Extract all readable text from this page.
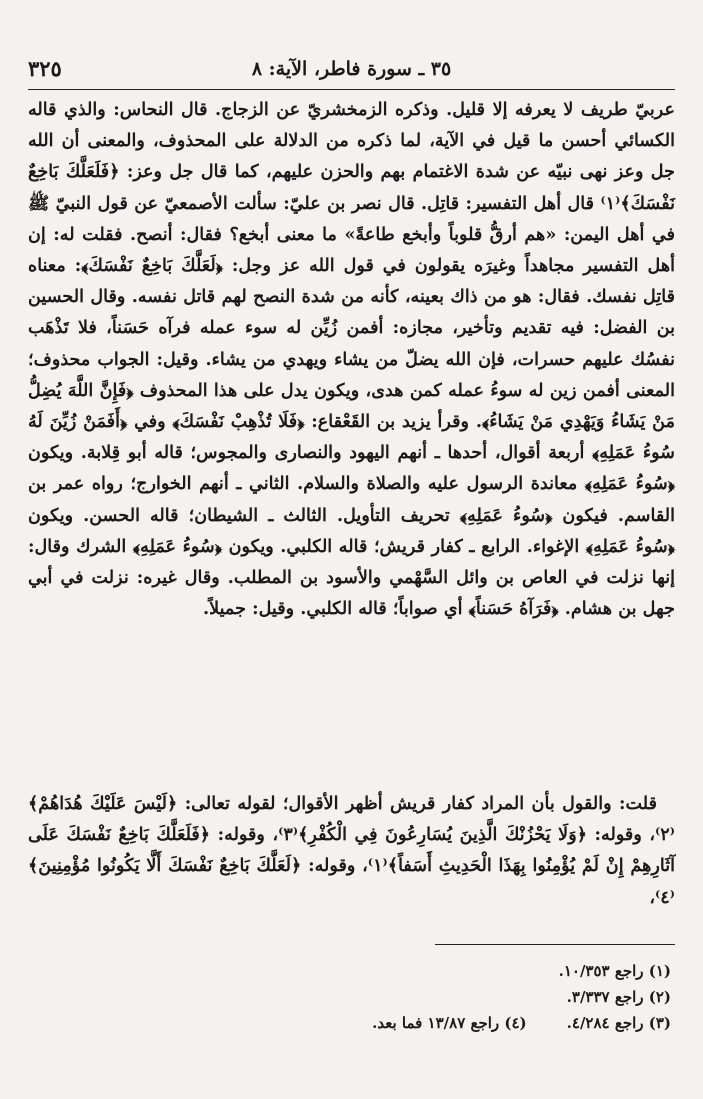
٣٥ ـ سورة فاطر، الآية: ٨
٣٢٥

عربيّ طريف لا يعرفه إلا قليل. وذكره الزمخشريّ عن الزجاج. قال النحاس: والذي قاله الكسائي أحسن ما قيل في الآية، لما ذكره من الدلالة على المحذوف، والمعنى أن الله جل وعز نهى نبيّه عن شدة الاغتمام بهم والحزن عليهم، كما قال جل وعز: ﴿فَلَعَلَّكَ بَاخِعٌ نَفْسَكَ﴾⁽١⁾ قال أهل التفسير: قاتِل. قال نصر بن عليّ: سألت الأصمعيّ عن قول النبيّ ﷺ في أهل اليمن: «هم أرقُّ قلوباً وأبخع طاعةً» ما معنى أبخع؟ فقال: أنصح. فقلت له: إن أهل التفسير مجاهداً وغيرَه يقولون في قول الله عز وجل: ﴿لَعَلَّكَ بَاخِعٌ نَفْسَكَ﴾: معناه قاتِل نفسك. فقال: هو من ذاك بعينه، كأنه من شدة النصح لهم قاتل نفسه. وقال الحسين بن الفضل: فيه تقديم وتأخير، مجازه: أفمن زُيِّن له سوء عمله فرآه حَسَناً، فلا تَذْهَب نفسُك عليهم حسرات، فإن الله يضلّ من يشاء ويهدي من يشاء. وقيل: الجواب محذوف؛ المعنى أفمن زين له سوءُ عمله كمن هدى، ويكون يدل على هذا المحذوف ﴿فَإِنَّ اللَّهَ يُضِلُّ مَنْ يَشَاءُ وَيَهْدِي مَنْ يَشَاءُ﴾. وقرأ يزيد بن القَعْقاع: ﴿فَلَا تُذْهِبْ نَفْسَكَ﴾ وفي ﴿أَفَمَنْ زُيِّنَ لَهُ سُوءُ عَمَلِهِ﴾ أربعة أقوال، أحدها ـ أنهم اليهود والنصارى والمجوس؛ قاله أبو قِلابة. ويكون ﴿سُوءُ عَمَلِهِ﴾ معاندة الرسول عليه والصلاة والسلام. الثاني ـ أنهم الخوارج؛ رواه عمر بن القاسم. فيكون ﴿سُوءُ عَمَلِهِ﴾ تحريف التأويل. الثالث ـ الشيطان؛ قاله الحسن. ويكون ﴿سُوءُ عَمَلِهِ﴾ الإغواء. الرابع ـ كفار قريش؛ قاله الكلبي. ويكون ﴿سُوءُ عَمَلِهِ﴾ الشرك وقال: إنها نزلت في العاص بن وائل السَّهْمي والأسود بن المطلب. وقال غيره: نزلت في أبي جهل بن هشام. ﴿فَرَآهُ حَسَناً﴾ أي صواباً؛ قاله الكلبي. وقيل: جميلاً.

قلت: والقول بأن المراد كفار قريش أظهر الأقوال؛ لقوله تعالى: ﴿لَيْسَ عَلَيْكَ هُدَاهُمْ﴾⁽٢⁾، وقوله: ﴿وَلَا يَحْزُنْكَ الَّذِينَ يُسَارِعُونَ فِي الْكُفْرِ﴾⁽٣⁾، وقوله: ﴿فَلَعَلَّكَ بَاخِعٌ نَفْسَكَ عَلَى آثَارِهِمْ إِنْ لَمْ يُؤْمِنُوا بِهَذَا الْحَدِيثِ أَسَفاً﴾⁽١⁾، وقوله: ﴿لَعَلَّكَ بَاخِعٌ نَفْسَكَ أَلَّا يَكُونُوا مُؤْمِنِينَ﴾⁽٤⁾،
(١) راجع ١٠/٣٥٣.
(٢) راجع ٣/٣٣٧.
(٣) راجع ٤/٢٨٤.(٤) راجع ١٣/٨٧ فما بعد.
